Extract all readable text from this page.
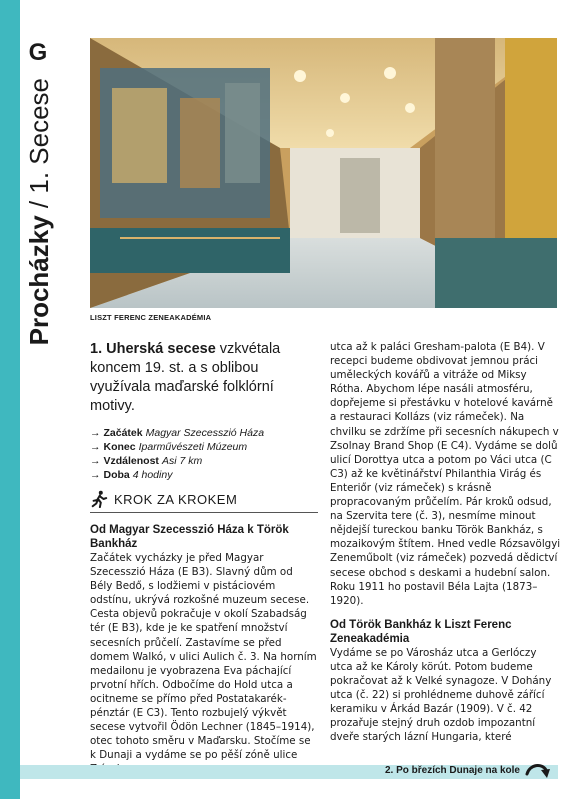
G
Procházky / 1. Secese
LISZT FERENC ZENEAKADÉMIA

1. Uherská secese vzkvétala koncem 19. st. a s oblibou využívala maďarské folklórní motivy.

→ Začátek Magyar Szecesszió Háza
→ Konec Iparművészeti Múzeum
→ Vzdálenost Asi 7 km
→ Doba 4 hodiny
KROK ZA KROKEM

Od Magyar Szecesszió Háza k Török Bankház

Začátek vycházky je před Magyar Szecesszió Háza (E B3). Slavný dům od Bély Bedő, s lodžiemi v pistáciovém odstínu, ukrývá rozkošné muzeum secese. Cesta objevů pokračuje v okolí Szabadság tér (E B3), kde je ke spatření množství secesních průčelí. Zastavíme se před domem Walkó, v ulici Aulich č. 3. Na horním medailonu je vyobrazena Eva páchající prvotní hřích. Odbočíme do Hold utca a ocitneme se přímo před Postatakarék-pénztár (E C3). Tento rozbujelý výkvět secese vytvořil Ödön Lechner (1845–1914), otec tohoto směru v Maďarsku. Stočíme se k Dunaji a vydáme se po pěší zóně ulice

utca až k paláci Gresham-palota (E B4). V recepci budeme obdivovat jemnou práci uměleckých kovářů a vitráže od Miksy Rótha. Abychom lépe nasáli atmosféru, dopřejeme si přestávku v hotelové kavárně a restauraci Kollázs (viz rámeček). Na chvilku se zdržíme při secesních nákupech v Zsolnay Brand Shop (E C4). Vydáme se dolů ulicí Dorottya utca a potom po Váci utca (C C3) až ke květinářství Philanthia Virág és Enteriőr (viz rámeček) s krásně propracovaným průčelím. Pár kroků odsud, na Szervita tere (č. 3), nesmíme minout nějdejší tureckou banku Török Bankház, s mozaikovým štítem. Hned vedle Rózsavölgyi Zeneműbolt (viz rámeček) pozvedá dědictví secese obchod s deskami a hudební salon. Roku 1911 ho postavil Béla Lajta (1873–1920).

Od Török Bankház k Liszt Ferenc Zeneakadémia

Vydáme se po Városház utca a Gerlóczy utca až ke Károly körút. Potom budeme pokračovat až k Velké synagoze. V Dohány utca (č. 22) si prohlédneme duhově zářící keramiku v Árkád Bazár (1909). V č. 42 prozařuje stejný druh ozdob impozantní dveře starých lázní Hungaria, které

2. Po březích Dunaje na kole
